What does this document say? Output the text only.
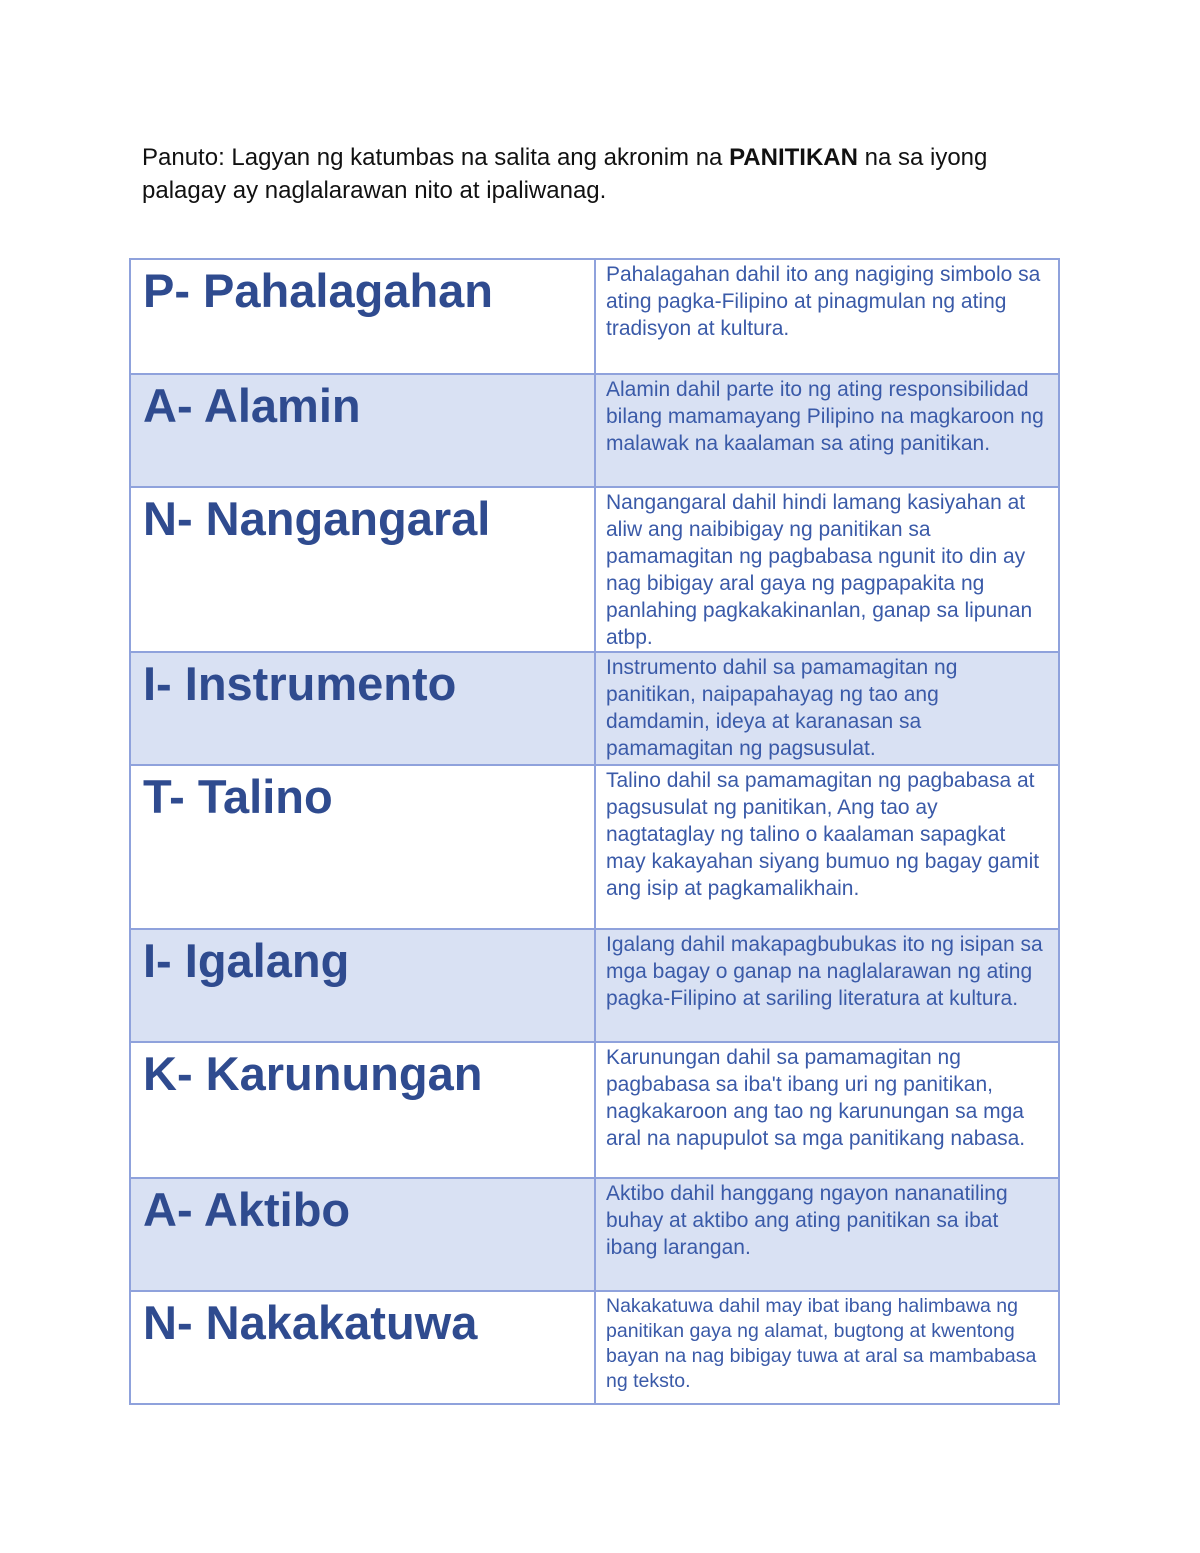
Panuto: Lagyan ng katumbas na salita ang akronim na PANITIKAN na sa iyong palagay ay naglalarawan nito at ipaliwanag.
P- Pahalagahan	Pahalagahan dahil ito ang nagiging simbolo sa ating pagka-Filipino at pinagmulan ng ating tradisyon at kultura.

A- Alamin	Alamin dahil parte ito ng ating responsibilidad bilang mamamayang Pilipino na magkaroon ng malawak na kaalaman sa ating panitikan.

N- Nangangaral	Nangangaral dahil hindi lamang kasiyahan at aliw ang naibibigay ng panitikan sa pamamagitan ng pagbabasa ngunit ito din ay nag bibigay aral gaya ng pagpapakita ng panlahing pagkakakinanlan, ganap sa lipunan atbp.

I- Instrumento	Instrumento dahil sa pamamagitan ng panitikan, naipapahayag ng tao ang damdamin, ideya at karanasan sa pamamagitan ng pagsusulat.

T- Talino	Talino dahil sa pamamagitan ng pagbabasa at pagsusulat ng panitikan, Ang tao ay nagtataglay ng talino o kaalaman sapagkat may kakayahan siyang bumuo ng bagay gamit ang isip at pagkamalikhain.

I- Igalang	Igalang dahil makapagbubukas ito ng isipan sa mga bagay o ganap na naglalarawan ng ating pagka-Filipino at sariling literatura at kultura.

K- Karunungan	Karunungan dahil sa pamamagitan ng pagbabasa sa iba't ibang uri ng panitikan, nagkakaroon ang tao ng karunungan sa mga aral na napupulot sa mga panitikang nabasa.

A- Aktibo	Aktibo dahil hanggang ngayon nananatiling buhay at aktibo ang ating panitikan sa ibat ibang larangan.

N- Nakakatuwa	Nakakatuwa dahil may ibat ibang halimbawa ng panitikan gaya ng alamat, bugtong at kwentong bayan na nag bibigay tuwa at aral sa mambabasa ng teksto.
